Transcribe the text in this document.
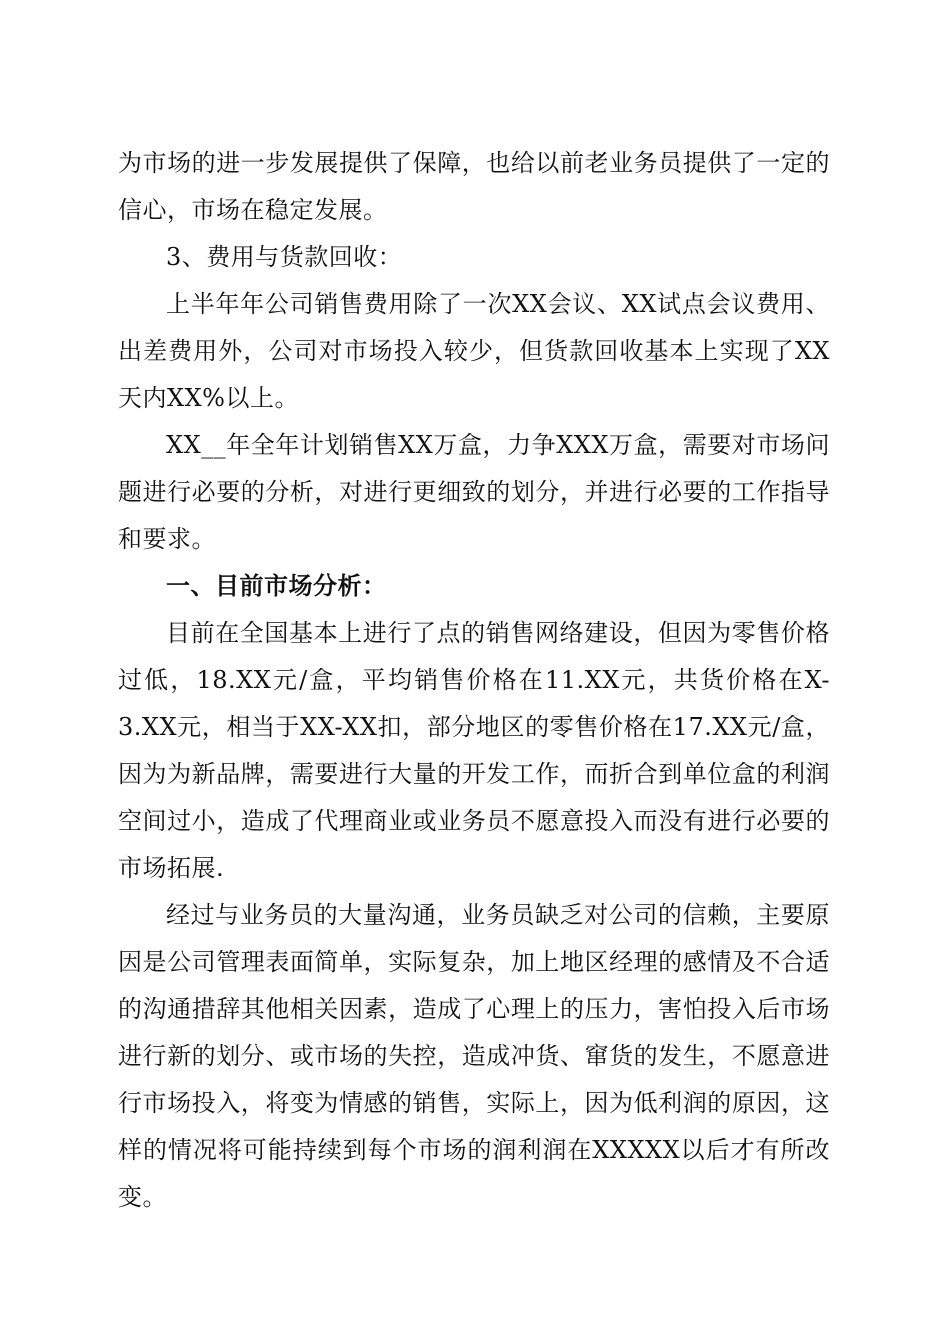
为市场的进一步发展提供了保障，也给以前老业务员提供了一定的信心，市场在稳定发展。

3、费用与货款回收：

上半年年公司销售费用除了一次XX会议、XX试点会议费用、出差费用外，公司对市场投入较少，但货款回收基本上实现了XX天内XX%以上。

XX__年全年计划销售XX万盒，力争XXX万盒，需要对市场问题进行必要的分析，对进行更细致的划分，并进行必要的工作指导和要求。

一、目前市场分析：

目前在全国基本上进行了点的销售网络建设，但因为零售价格过低，18.XX元/盒，平均销售价格在11.XX元，共货价格在X-3.XX元，相当于XX-XX扣，部分地区的零售价格在17.XX元/盒，因为为新品牌，需要进行大量的开发工作，而折合到单位盒的利润空间过小，造成了代理商业或业务员不愿意投入而没有进行必要的市场拓展.

经过与业务员的大量沟通，业务员缺乏对公司的信赖，主要原因是公司管理表面简单，实际复杂，加上地区经理的感情及不合适的沟通措辞其他相关因素，造成了心理上的压力，害怕投入后市场进行新的划分、或市场的失控，造成冲货、窜货的发生，不愿意进行市场投入，将变为情感的销售，实际上，因为低利润的原因，这样的情况将可能持续到每个市场的润利润在XXXXX以后才有所改变。
